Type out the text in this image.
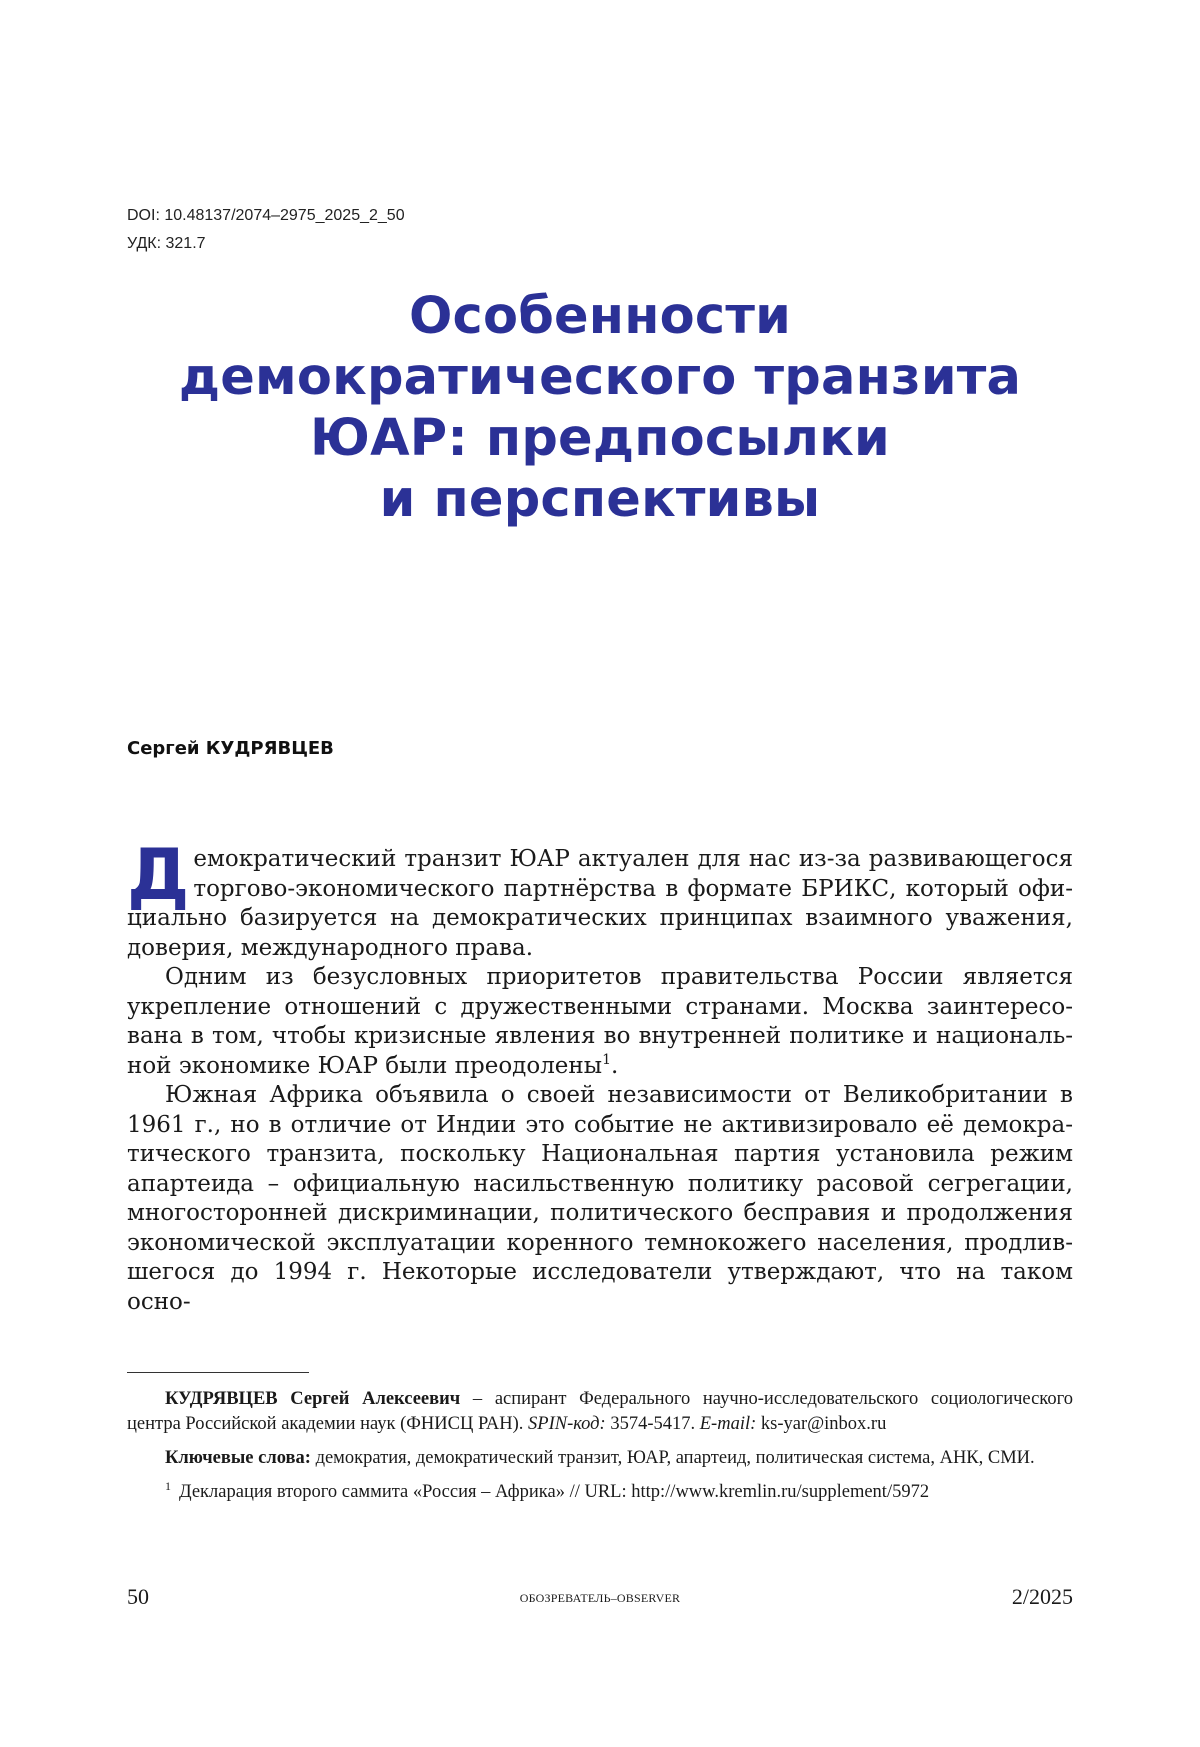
DOI: 10.48137/2074–2975_2025_2_50
УДК: 321.7
Особенности
демократического транзита
ЮАР: предпосылки
и перспективы
Сергей КУДРЯВЦЕВ

Д емократический транзит ЮАР актуален для нас из-за развивающегося торгово-экономического партнёрства в формате БРИКС, который офи­циально базируется на демократических принципах взаимного уважения, доверия, международного права.

Одним из безусловных приоритетов правительства России является укрепление отношений с дружественными странами. Москва заинтересо­вана в том, чтобы кризисные явления во внутренней политике и националь­ной экономике ЮАР были преодолены1.

Южная Африка объявила о своей независимости от Великобритании в 1961 г., но в отличие от Индии это событие не активизировало её демокра­тического транзита, поскольку Национальная партия установила режим апартеида – официальную насильственную политику расовой сегрегации, многосторонней дискриминации, политического бесправия и продолжения экономической эксплуатации коренного темнокожего населения, продлив­шегося до 1994 г. Некоторые исследователи утверждают, что на таком осно-

КУДРЯВЦЕВ Сергей Алексеевич – аспирант Федерального научно-исследовательского социо­логического центра Российской академии наук (ФНИСЦ РАН). SPIN-код: 3574-5417. E-mail: ks-yar@inbox.ru

Ключевые слова: демократия, демократический транзит, ЮАР, апартеид, политическая система, АНК, СМИ.

1 Декларация второго саммита «Россия – Африка» // URL: http://www.kremlin.ru/supplement/5972

50	ОБОЗРЕВАТЕЛЬ–OBSERVER	2/2025
